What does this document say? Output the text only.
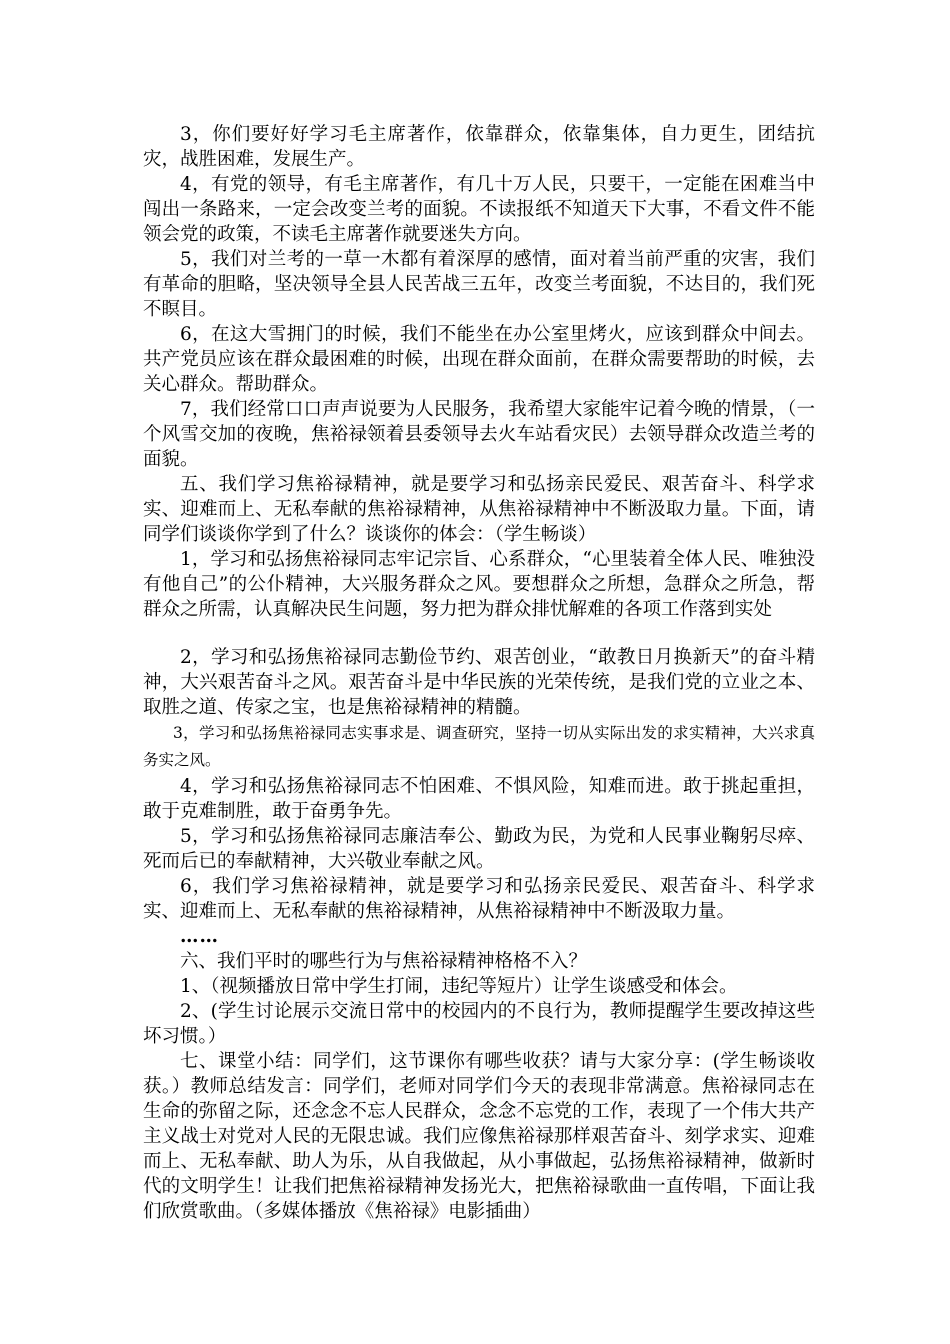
3，你们要好好学习毛主席著作，依靠群众，依靠集体，自力更生，团结抗灾，战胜困难，发展生产。

4，有党的领导，有毛主席著作，有几十万人民，只要干，一定能在困难当中闯出一条路来，一定会改变兰考的面貌。不读报纸不知道天下大事，不看文件不能领会党的政策，不读毛主席著作就要迷失方向。

5，我们对兰考的一草一木都有着深厚的感情，面对着当前严重的灾害，我们有革命的胆略，坚决领导全县人民苦战三五年，改变兰考面貌，不达目的，我们死不瞑目。

6，在这大雪拥门的时候，我们不能坐在办公室里烤火，应该到群众中间去。共产党员应该在群众最困难的时候，出现在群众面前，在群众需要帮助的时候，去关心群众。帮助群众。

7，我们经常口口声声说要为人民服务，我希望大家能牢记着今晚的情景，（一个风雪交加的夜晚，焦裕禄领着县委领导去火车站看灾民）去领导群众改造兰考的面貌。

五、我们学习焦裕禄精神，就是要学习和弘扬亲民爱民、艰苦奋斗、科学求实、迎难而上、无私奉献的焦裕禄精神，从焦裕禄精神中不断汲取力量。下面，请同学们谈谈你学到了什么？谈谈你的体会：（学生畅谈）

1，学习和弘扬焦裕禄同志牢记宗旨、心系群众，“心里装着全体人民、唯独没有他自己”的公仆精神，大兴服务群众之风。要想群众之所想，急群众之所急，帮群众之所需，认真解决民生问题，努力把为群众排忧解难的各项工作落到实处

2，学习和弘扬焦裕禄同志勤俭节约、艰苦创业，“敢教日月换新天”的奋斗精神，大兴艰苦奋斗之风。艰苦奋斗是中华民族的光荣传统，是我们党的立业之本、取胜之道、传家之宝，也是焦裕禄精神的精髓。

3，学习和弘扬焦裕禄同志实事求是、调查研究，坚持一切从实际出发的求实精神，大兴求真务实之风。

4，学习和弘扬焦裕禄同志不怕困难、不惧风险，知难而进。敢于挑起重担，敢于克难制胜，敢于奋勇争先。

5，学习和弘扬焦裕禄同志廉洁奉公、勤政为民，为党和人民事业鞠躬尽瘁、死而后已的奉献精神，大兴敬业奉献之风。

6，我们学习焦裕禄精神，就是要学习和弘扬亲民爱民、艰苦奋斗、科学求实、迎难而上、无私奉献的焦裕禄精神，从焦裕禄精神中不断汲取力量。

……

六、我们平时的哪些行为与焦裕禄精神格格不入？

1、（视频播放日常中学生打闹，违纪等短片）让学生谈感受和体会。

2、(学生讨论展示交流日常中的校园内的不良行为，教师提醒学生要改掉这些坏习惯。）

七、课堂小结：同学们，这节课你有哪些收获？请与大家分享：(学生畅谈收获。）教师总结发言：同学们，老师对同学们今天的表现非常满意。焦裕禄同志在生命的弥留之际，还念念不忘人民群众，念念不忘党的工作，表现了一个伟大共产主义战士对党对人民的无限忠诚。我们应像焦裕禄那样艰苦奋斗、刻学求实、迎难而上、无私奉献、助人为乐，从自我做起，从小事做起，弘扬焦裕禄精神，做新时代的文明学生！让我们把焦裕禄精神发扬光大，把焦裕禄歌曲一直传唱，下面让我们欣赏歌曲。（多媒体播放《焦裕禄》电影插曲）
